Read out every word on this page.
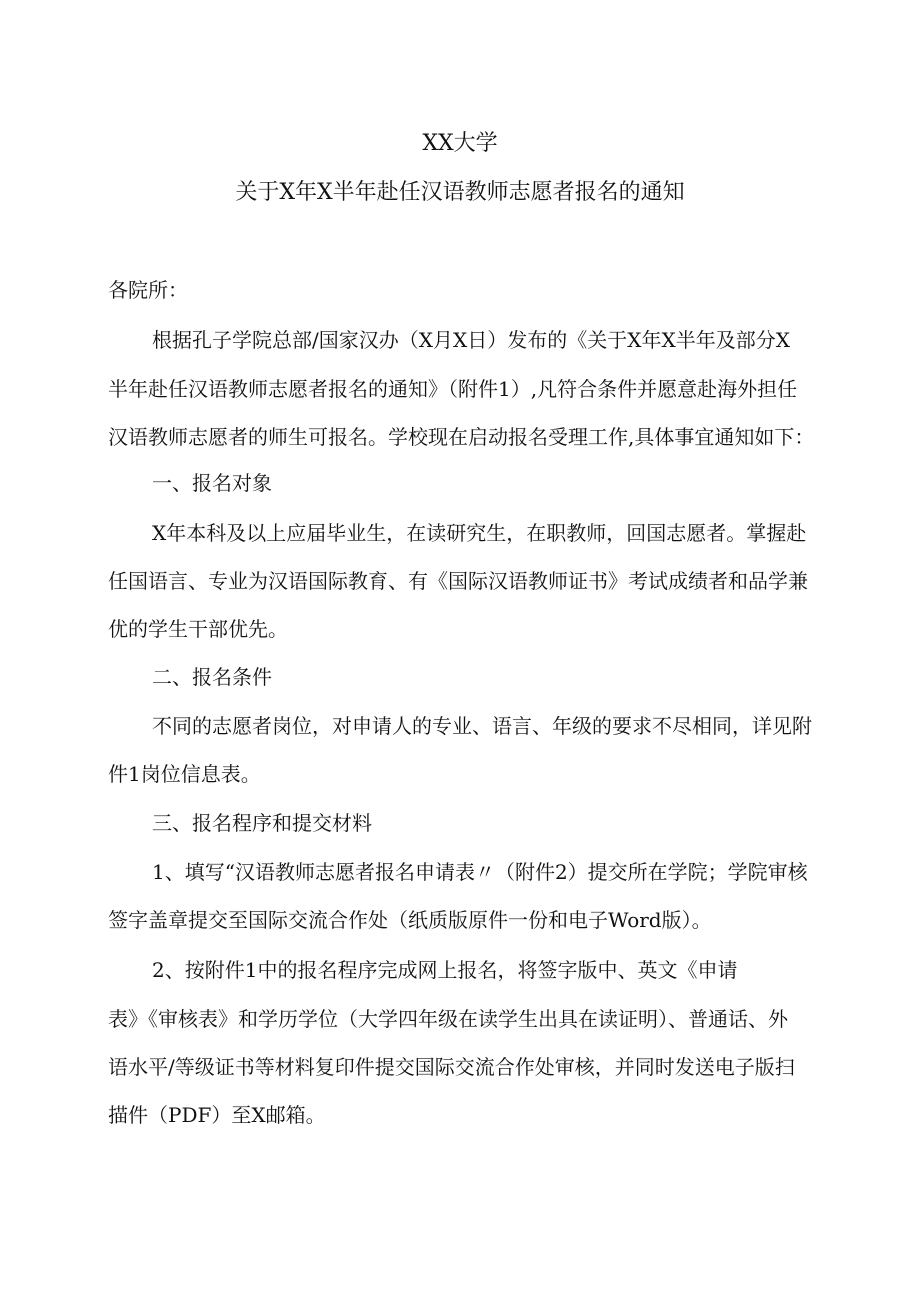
XX大学
关于X年X半年赴任汉语教师志愿者报名的通知
各院所：
根据孔子学院总部/国家汉办（X月X日）发布的《关于X年X半年及部分X
半年赴任汉语教师志愿者报名的通知》（附件1）,凡符合条件并愿意赴海外担任
汉语教师志愿者的师生可报名。学校现在启动报名受理工作,具体事宜通知如下：
一、报名对象
X年本科及以上应届毕业生，在读研究生，在职教师，回国志愿者。掌握赴
任国语言、专业为汉语国际教育、有《国际汉语教师证书》考试成绩者和品学兼
优的学生干部优先。
二、报名条件
不同的志愿者岗位，对申请人的专业、语言、年级的要求不尽相同，详见附
件1岗位信息表。
三、报名程序和提交材料
1、填写“汉语教师志愿者报名申请表〃（附件2）提交所在学院；学院审核
签字盖章提交至国际交流合作处（纸质版原件一份和电子Word版）。
2、按附件1中的报名程序完成网上报名，将签字版中、英文《申请
表》《审核表》和学历学位（大学四年级在读学生出具在读证明）、普通话、外
语水平/等级证书等材料复印件提交国际交流合作处审核，并同时发送电子版扫
描件（PDF）至X邮箱。
